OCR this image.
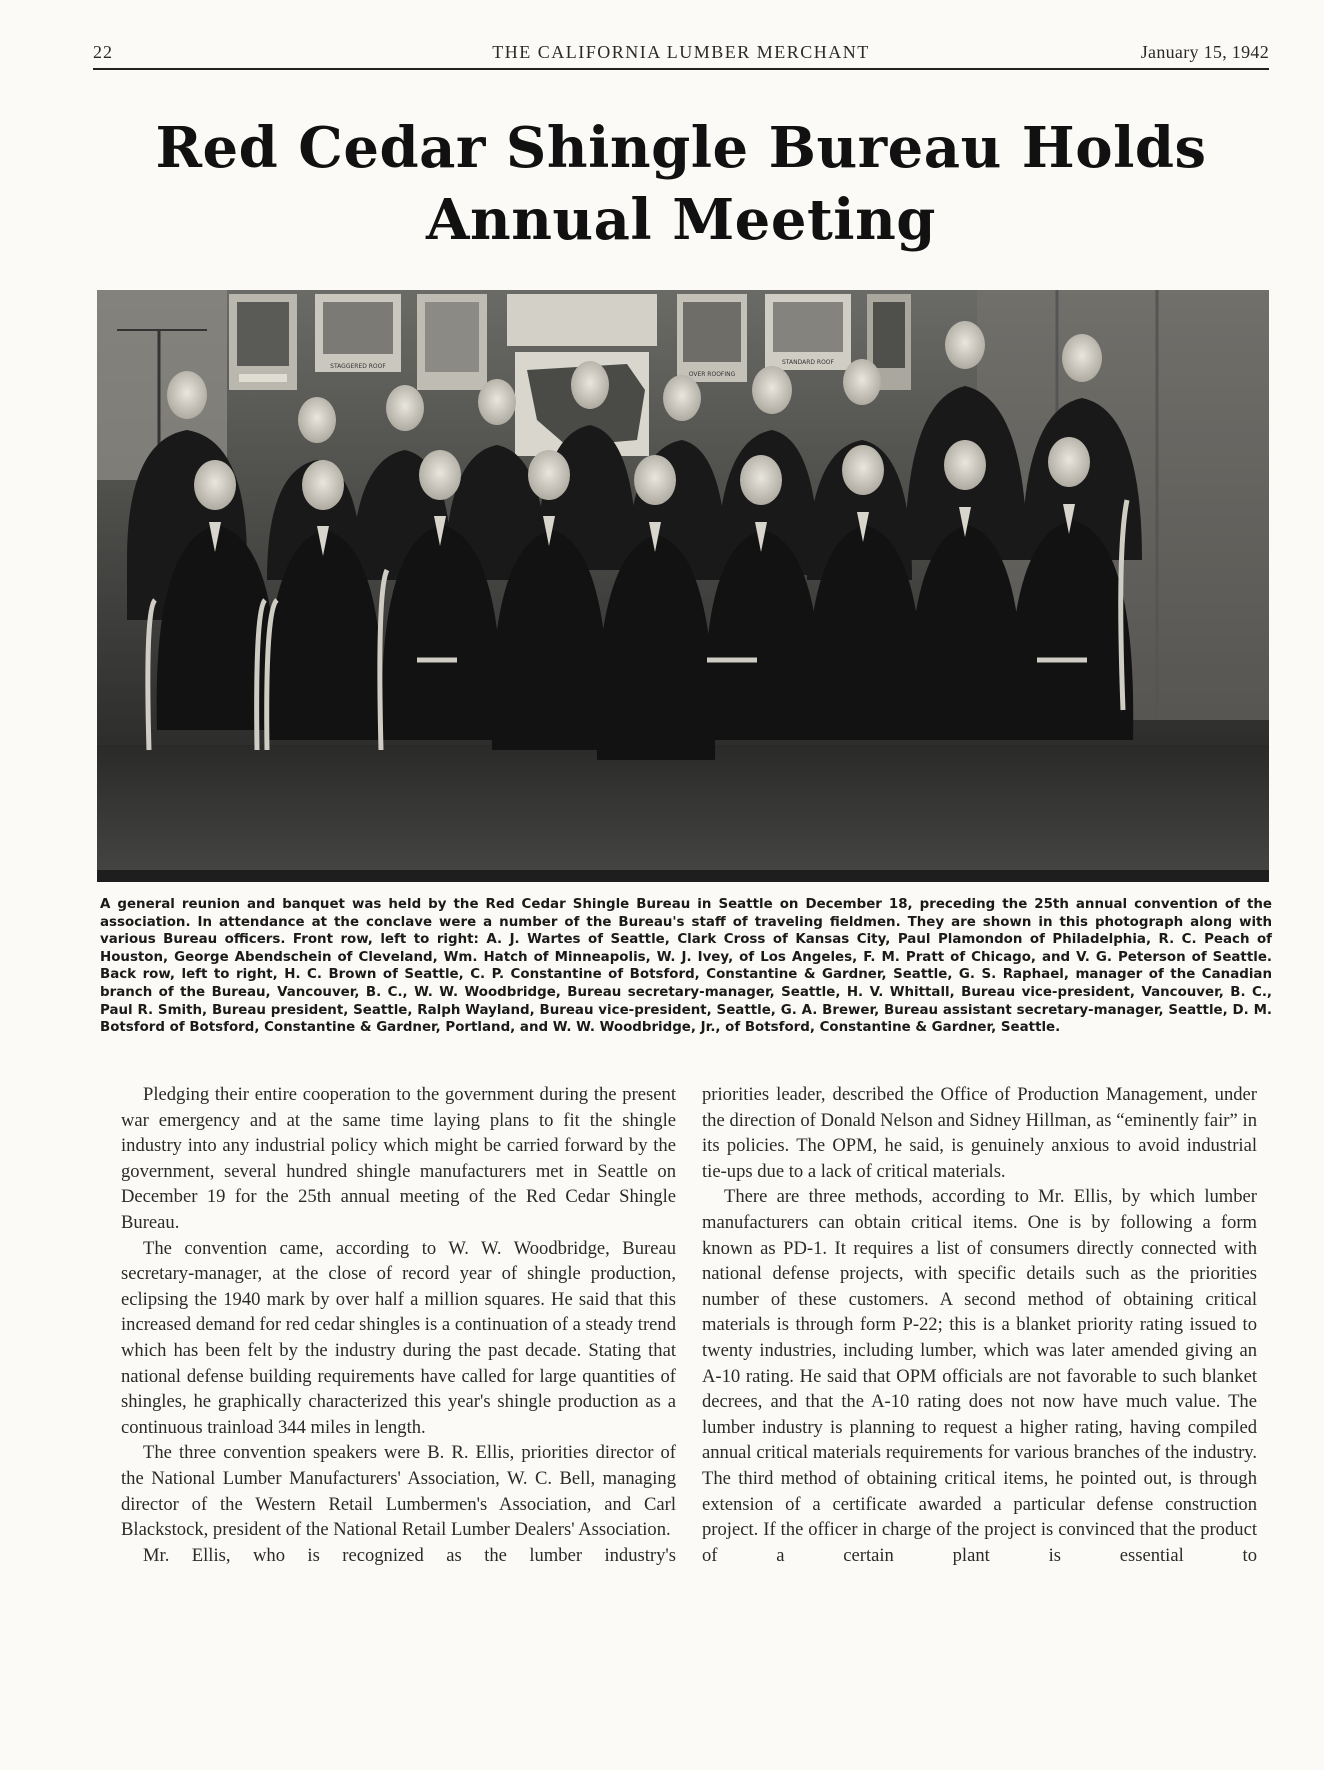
22	THE CALIFORNIA LUMBER MERCHANT	January 15, 1942
Red Cedar Shingle Bureau Holds
Annual Meeting
STAGGERED ROOF
OVER ROOFING
STANDARD ROOF
A general reunion and banquet was held by the Red Cedar Shingle Bureau in Seattle on December 18, preceding the 25th annual convention of the association. In attendance at the conclave were a number of the Bureau's staff of traveling fieldmen. They are shown in this photograph along with various Bureau officers. Front row, left to right: A. J. Wartes of Seattle, Clark Cross of Kansas City, Paul Plamondon of Philadelphia, R. C. Peach of Houston, George Abendschein of Cleveland, Wm. Hatch of Minneapolis, W. J. Ivey, of Los Angeles, F. M. Pratt of Chicago, and V. G. Peterson of Seattle. Back row, left to right, H. C. Brown of Seattle, C. P. Constantine of Botsford, Constantine & Gardner, Seattle, G. S. Raphael, manager of the Canadian branch of the Bureau, Vancouver, B. C., W. W. Woodbridge, Bureau secretary-manager, Seattle, H. V. Whittall, Bureau vice-president, Vancouver, B. C., Paul R. Smith, Bureau president, Seattle, Ralph Wayland, Bureau vice-president, Seattle, G. A. Brewer, Bureau assistant secretary-manager, Seattle, D. M. Botsford of Botsford, Constantine & Gardner, Portland, and W. W. Woodbridge, Jr., of Botsford, Constantine & Gardner, Seattle.

Pledging their entire cooperation to the government during the present war emergency and at the same time laying plans to fit the shingle industry into any industrial policy which might be carried forward by the government, several hundred shingle manufacturers met in Seattle on December 19 for the 25th annual meeting of the Red Cedar Shingle Bureau.

The convention came, according to W. W. Woodbridge, Bureau secretary-manager, at the close of record year of shingle production, eclipsing the 1940 mark by over half a million squares. He said that this increased demand for red cedar shingles is a continuation of a steady trend which has been felt by the industry during the past decade. Stating that national defense building requirements have called for large quantities of shingles, he graphically characterized this year's shingle production as a continuous trainload 344 miles in length.

The three convention speakers were B. R. Ellis, priorities director of the National Lumber Manufacturers' Association, W. C. Bell, managing director of the Western Retail Lumbermen's Association, and Carl Blackstock, president of the National Retail Lumber Dealers' Association.

Mr. Ellis, who is recognized as the lumber industry's

priorities leader, described the Office of Production Management, under the direction of Donald Nelson and Sidney Hillman, as “eminently fair” in its policies. The OPM, he said, is genuinely anxious to avoid industrial tie-ups due to a lack of critical materials.

There are three methods, according to Mr. Ellis, by which lumber manufacturers can obtain critical items. One is by following a form known as PD-1. It requires a list of consumers directly connected with national defense projects, with specific details such as the priorities number of these customers. A second method of obtaining critical materials is through form P-22; this is a blanket priority rating issued to twenty industries, including lumber, which was later amended giving an A-10 rating. He said that OPM officials are not favorable to such blanket decrees, and that the A-10 rating does not now have much value. The lumber industry is planning to request a higher rating, having compiled annual critical materials requirements for various branches of the industry. The third method of obtaining critical items, he pointed out, is through extension of a certificate awarded a particular defense construction project. If the officer in charge of the project is convinced that the product of a certain plant is essential to
